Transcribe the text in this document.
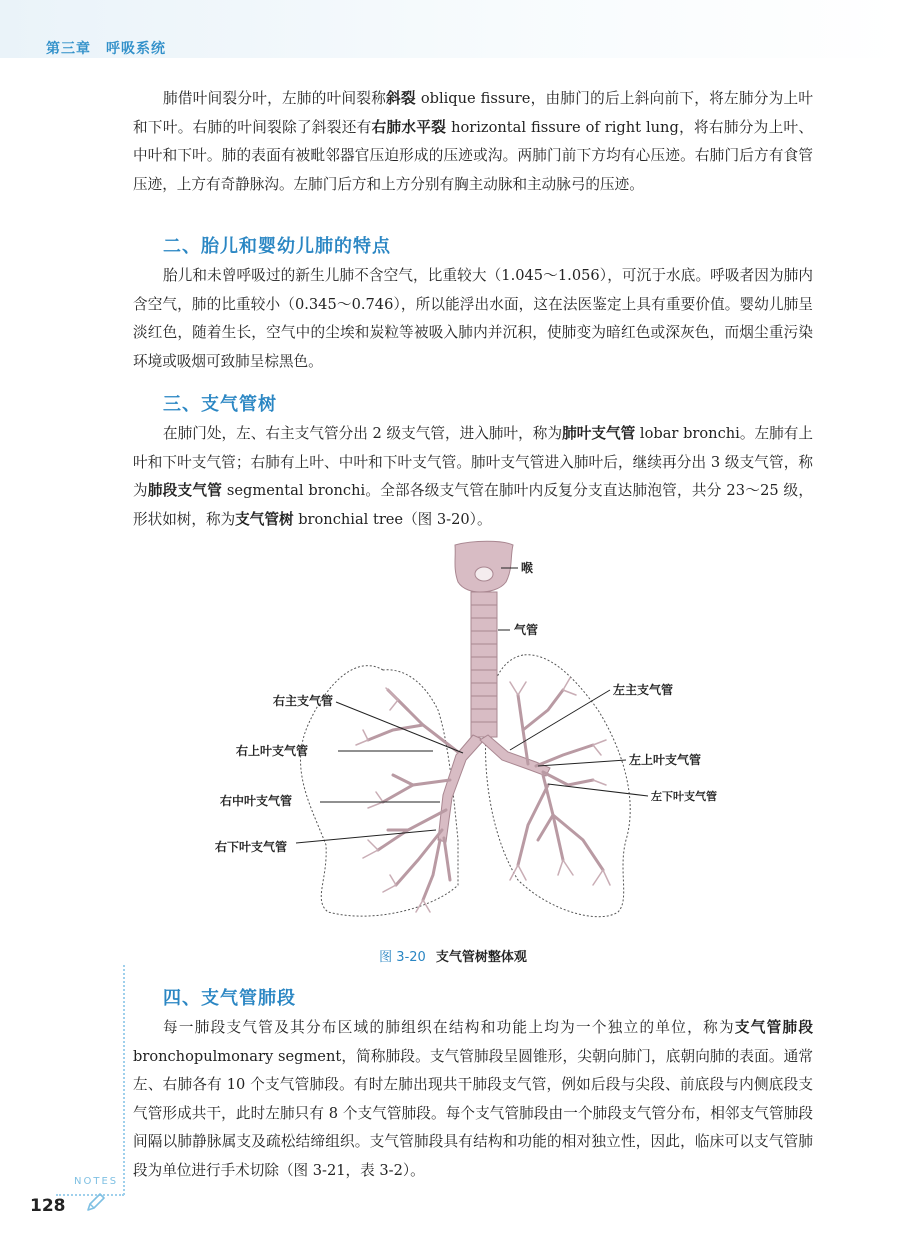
第三章　呼吸系统

肺借叶间裂分叶，左肺的叶间裂称斜裂 oblique fissure，由肺门的后上斜向前下，将左肺分为上叶和下叶。右肺的叶间裂除了斜裂还有右肺水平裂 horizontal fissure of right lung，将右肺分为上叶、中叶和下叶。肺的表面有被毗邻器官压迫形成的压迹或沟。两肺门前下方均有心压迹。右肺门后方有食管压迹，上方有奇静脉沟。左肺门后方和上方分别有胸主动脉和主动脉弓的压迹。

二、胎儿和婴幼儿肺的特点

胎儿和未曾呼吸过的新生儿肺不含空气，比重较大（1.045～1.056），可沉于水底。呼吸者因为肺内含空气，肺的比重较小（0.345～0.746），所以能浮出水面，这在法医鉴定上具有重要价值。婴幼儿肺呈淡红色，随着生长，空气中的尘埃和炭粒等被吸入肺内并沉积，使肺变为暗红色或深灰色，而烟尘重污染环境或吸烟可致肺呈棕黑色。

三、支气管树

在肺门处，左、右主支气管分出 2 级支气管，进入肺叶，称为肺叶支气管 lobar bronchi。左肺有上叶和下叶支气管；右肺有上叶、中叶和下叶支气管。肺叶支气管进入肺叶后，继续再分出 3 级支气管，称为肺段支气管 segmental bronchi。全部各级支气管在肺叶内反复分支直达肺泡管，共分 23～25 级，形状如树，称为支气管树 bronchial tree（图 3-20）。

喉
气管
右主支气管
右上叶支气管
右中叶支气管
右下叶支气管
左主支气管
左上叶支气管
左下叶支气管
图 3-20 支气管树整体观
四、支气管肺段

每一肺段支气管及其分布区域的肺组织在结构和功能上均为一个独立的单位，称为支气管肺段 bronchopulmonary segment，简称肺段。支气管肺段呈圆锥形，尖朝向肺门，底朝向肺的表面。通常左、右肺各有 10 个支气管肺段。有时左肺出现共干肺段支气管，例如后段与尖段、前底段与内侧底段支气管形成共干，此时左肺只有 8 个支气管肺段。每个支气管肺段由一个肺段支气管分布，相邻支气管肺段间隔以肺静脉属支及疏松结缔组织。支气管肺段具有结构和功能的相对独立性，因此，临床可以支气管肺段为单位进行手术切除（图 3-21，表 3-2）。

NOTES
128
